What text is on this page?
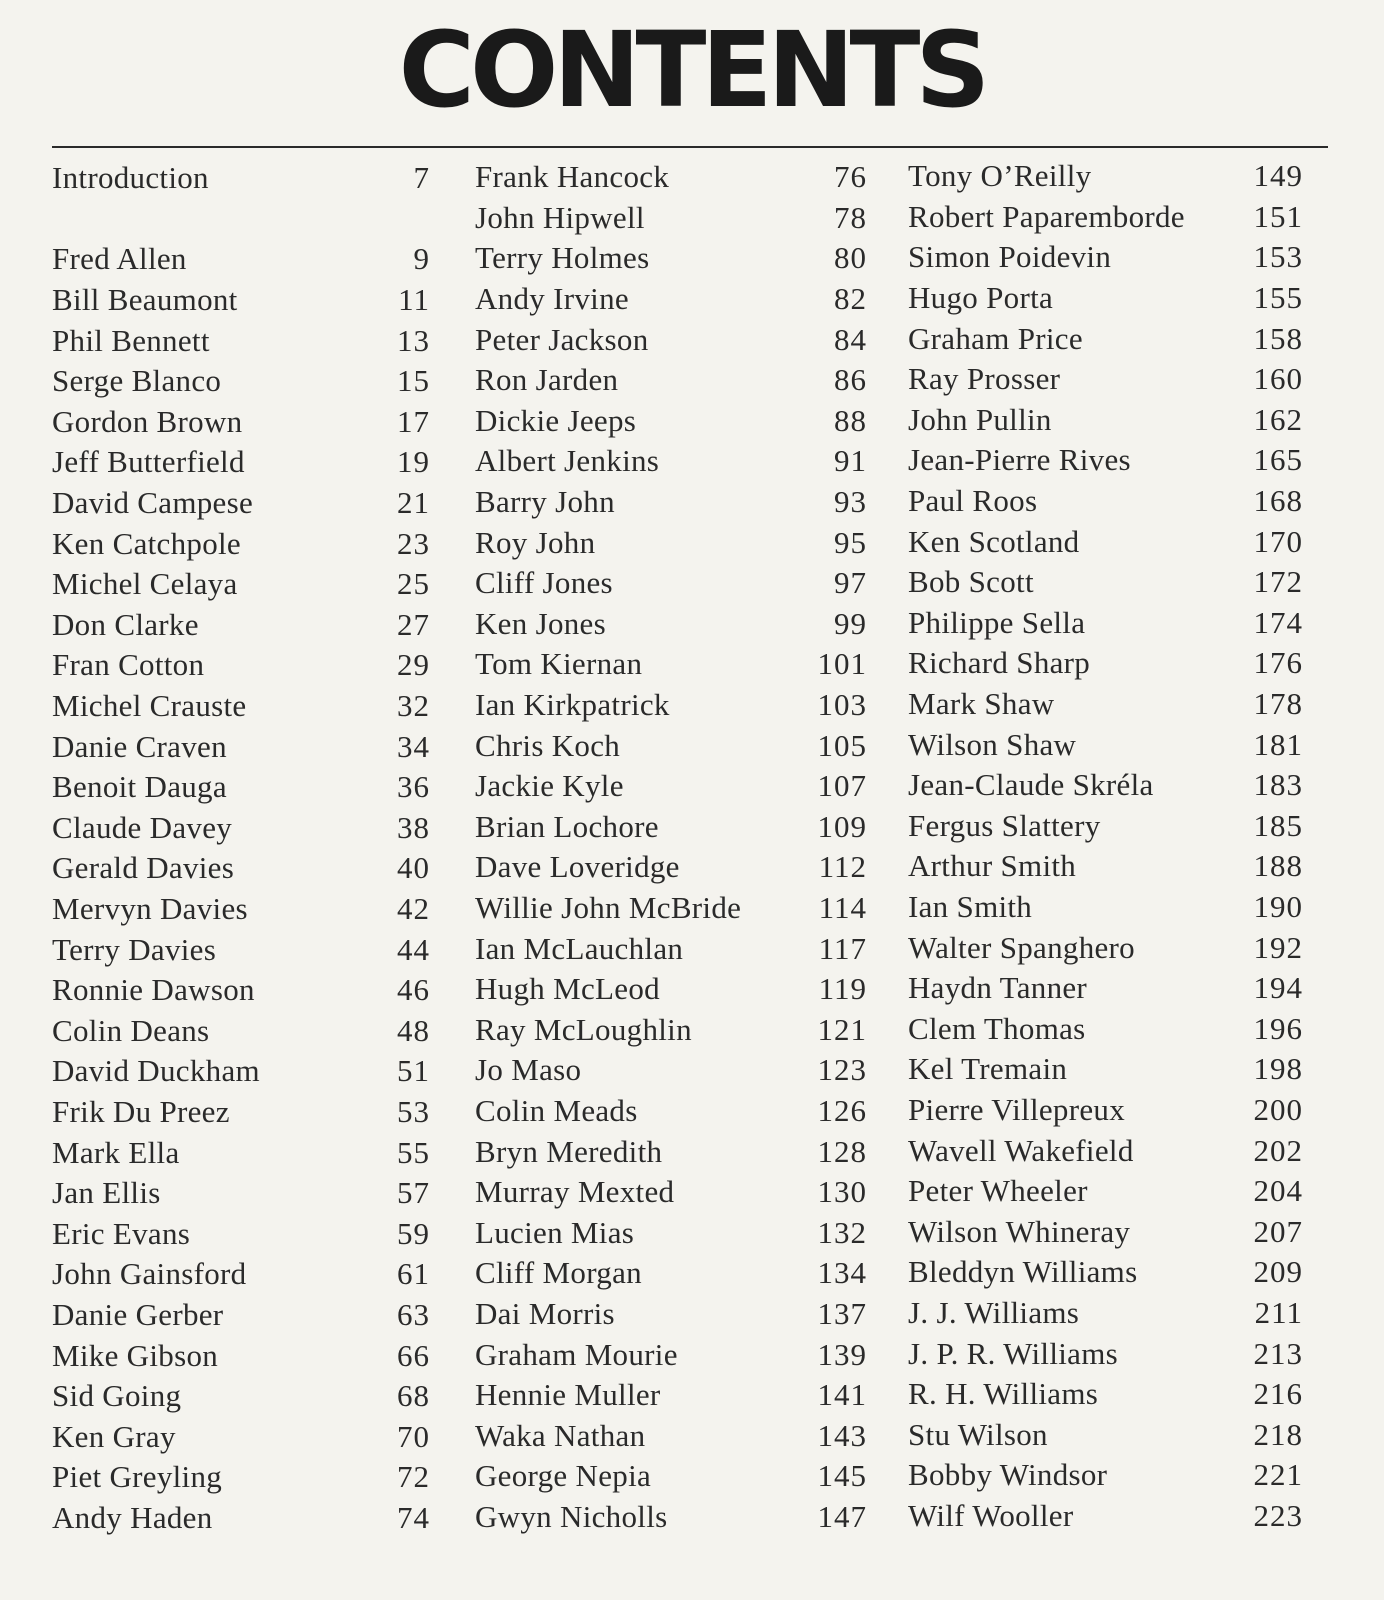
CONTENTS
Introduction	7
Fred Allen	9
Bill Beaumont	11
Phil Bennett	13
Serge Blanco	15
Gordon Brown	17
Jeff Butterfield	19
David Campese	21
Ken Catchpole	23
Michel Celaya	25
Don Clarke	27
Fran Cotton	29
Michel Crauste	32
Danie Craven	34
Benoit Dauga	36
Claude Davey	38
Gerald Davies	40
Mervyn Davies	42
Terry Davies	44
Ronnie Dawson	46
Colin Deans	48
David Duckham	51
Frik Du Preez	53
Mark Ella	55
Jan Ellis	57
Eric Evans	59
John Gainsford	61
Danie Gerber	63
Mike Gibson	66
Sid Going	68
Ken Gray	70
Piet Greyling	72
Andy Haden	74
Frank Hancock	76
John Hipwell	78
Terry Holmes	80
Andy Irvine	82
Peter Jackson	84
Ron Jarden	86
Dickie Jeeps	88
Albert Jenkins	91
Barry John	93
Roy John	95
Cliff Jones	97
Ken Jones	99
Tom Kiernan	101
Ian Kirkpatrick	103
Chris Koch	105
Jackie Kyle	107
Brian Lochore	109
Dave Loveridge	112
Willie John McBride 114
Ian McLauchlan	117
Hugh McLeod	119
Ray McLoughlin	121
Jo Maso	123
Colin Meads	126
Bryn Meredith	128
Murray Mexted	130
Lucien Mias	132
Cliff Morgan	134
Dai Morris	137
Graham Mourie	139
Hennie Muller	141
Waka Nathan	143
George Nepia	145
Gwyn Nicholls	147
Tony O’Reilly	149
Robert Paparemborde 151
Simon Poidevin	153
Hugo Porta	155
Graham Price	158
Ray Prosser	160
John Pullin	162
Jean-Pierre Rives	165
Paul Roos	168
Ken Scotland	170
Bob Scott	172
Philippe Sella	174
Richard Sharp	176
Mark Shaw	178
Wilson Shaw	181
Jean-Claude Skréla	183
Fergus Slattery	185
Arthur Smith	188
Ian Smith	190
Walter Spanghero	192
Haydn Tanner	194
Clem Thomas	196
Kel Tremain	198
Pierre Villepreux	200
Wavell Wakefield	202
Peter Wheeler	204
Wilson Whineray	207
Bleddyn Williams	209
J. J. Williams	211
J. P. R. Williams	213
R. H. Williams	216
Stu Wilson	218
Bobby Windsor	221
Wilf Wooller	223
